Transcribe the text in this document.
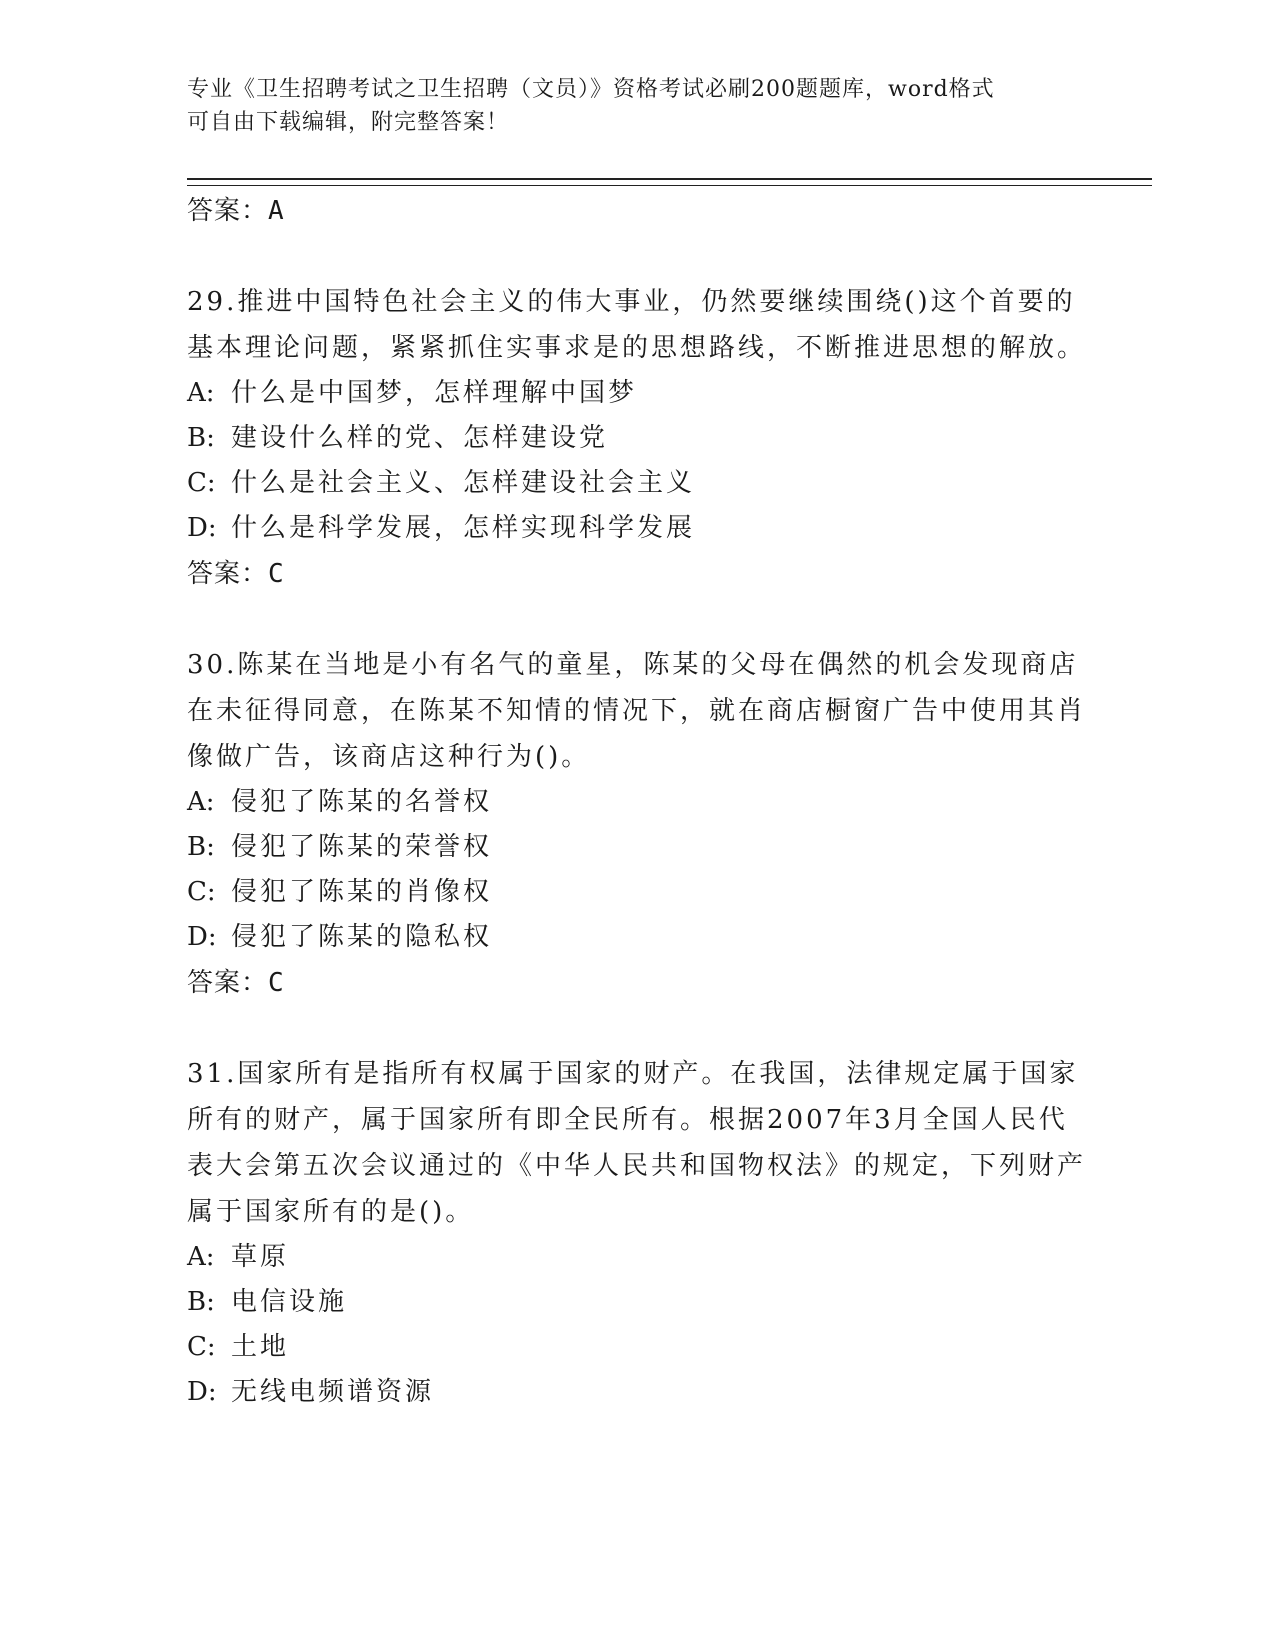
专业《卫生招聘考试之卫生招聘（文员）》资格考试必刷200题题库，word格式
可自由下载编辑，附完整答案！

答案：A

29.推进中国特色社会主义的伟大事业，仍然要继续围绕()这个首要的基本理论问题，紧紧抓住实事求是的思想路线，不断推进思想的解放。

A: 什么是中国梦，怎样理解中国梦

B: 建设什么样的党、怎样建设党

C: 什么是社会主义、怎样建设社会主义

D: 什么是科学发展，怎样实现科学发展

答案：C

30.陈某在当地是小有名气的童星，陈某的父母在偶然的机会发现商店在未征得同意，在陈某不知情的情况下，就在商店橱窗广告中使用其肖像做广告，该商店这种行为()。

A: 侵犯了陈某的名誉权

B: 侵犯了陈某的荣誉权

C: 侵犯了陈某的肖像权

D: 侵犯了陈某的隐私权

答案：C

31.国家所有是指所有权属于国家的财产。在我国，法律规定属于国家所有的财产，属于国家所有即全民所有。根据2007年3月全国人民代表大会第五次会议通过的《中华人民共和国物权法》的规定，下列财产属于国家所有的是()。

A: 草原

B: 电信设施

C: 土地

D: 无线电频谱资源
